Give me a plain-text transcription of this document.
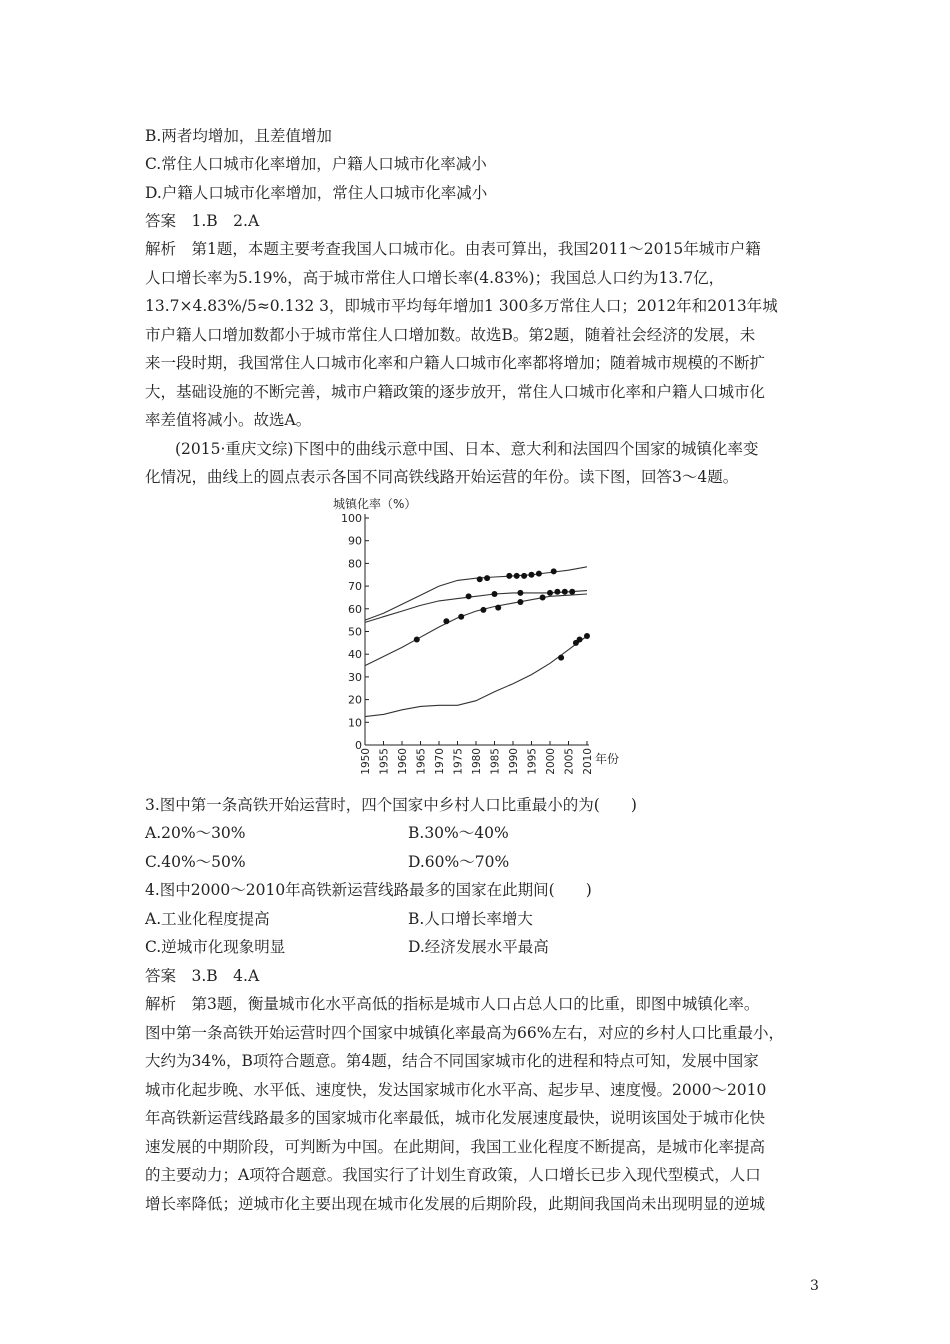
B.两者均增加，且差值增加
C.常住人口城市化率增加，户籍人口城市化率减小
D.户籍人口城市化率增加，常住人口城市化率减小
答案　1.B　2.A
解析　第1题，本题主要考查我国人口城市化。由表可算出，我国2011～2015年城市户籍
人口增长率为5.19%，高于城市常住人口增长率(4.83%)；我国总人口约为13.7亿，
13.7×4.83%/5≈0.132 3，即城市平均每年增加1 300多万常住人口；2012年和2013年城
市户籍人口增加数都小于城市常住人口增加数。故选B。第2题，随着社会经济的发展，未
来一段时期，我国常住人口城市化率和户籍人口城市化率都将增加；随着城市规模的不断扩
大，基础设施的不断完善，城市户籍政策的逐步放开，常住人口城市化率和户籍人口城市化
率差值将减小。故选A。
(2015·重庆文综)下图中的曲线示意中国、日本、意大利和法国四个国家的城镇化率变
化情况，曲线上的圆点表示各国不同高铁线路开始运营的年份。读下图，回答3～4题。
城镇化率（%）
年份
0
10
20
30
40
50
60
70
80
90
100
1950 1955 1960 1965 1970 1975 1980 1985 1990 1995 2000 2005 2010
3.图中第一条高铁开始运营时，四个国家中乡村人口比重最小的为(　　)
A.20%～30%	B.30%～40%
C.40%～50%	D.60%～70%
4.图中2000～2010年高铁新运营线路最多的国家在此期间(　　)
A.工业化程度提高	B.人口增长率增大
C.逆城市化现象明显	D.经济发展水平最高
答案　3.B　4.A
解析　第3题，衡量城市化水平高低的指标是城市人口占总人口的比重，即图中城镇化率。
图中第一条高铁开始运营时四个国家中城镇化率最高为66%左右，对应的乡村人口比重最小，
大约为34%，B项符合题意。第4题，结合不同国家城市化的进程和特点可知，发展中国家
城市化起步晚、水平低、速度快，发达国家城市化水平高、起步早、速度慢。2000～2010
年高铁新运营线路最多的国家城市化率最低，城市化发展速度最快，说明该国处于城市化快
速发展的中期阶段，可判断为中国。在此期间，我国工业化程度不断提高，是城市化率提高
的主要动力；A项符合题意。我国实行了计划生育政策，人口增长已步入现代型模式，人口
增长率降低；逆城市化主要出现在城市化发展的后期阶段，此期间我国尚未出现明显的逆城
3
